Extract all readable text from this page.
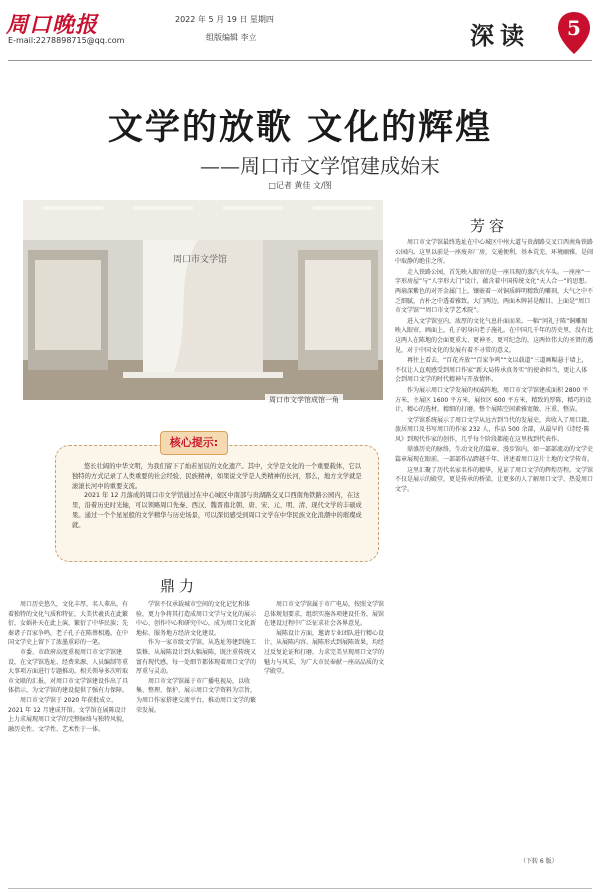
周口晚报
E-mail:2278898715@qq.com
2022 年 5 月 19 日 星期四
组版编辑 李立	深读	5
文学的放歌 文化的辉煌
——周口市文学馆建成始末
□记者 黄佳 文/图
周口市文学馆
周口市文学馆成馆一角
芳容

周口市文学馆最终选址在中心城区中州大道与贵湖路交叉口西南角铁路公园内。这里以前是一座废弃厂房，交通便利，基本荒芜，环境幽雅，是闹中取静的绝佳之所。

走入铁路公园，首先映入眼帘的是一座具现的蒸汽火车头。一座座“一字形房屋”与“人字形大门”设计，蕴含着中国传统文化“天人合一”的思想。两扇深紫色的对开金属门上，镶嵌着一对铜质鲜明精致的雕刻，大气之中不乏细腻，古朴之中透着雅致。大门两边，两面木牌甚是醒目，上面是“周口市文学馆”“周口市文学艺术院”。

进入文学馆室内，浓厚的文化气息扑面而来。一幅“问礼于陈”铜雕图映入眼帘，画面上，孔子躬身向老子施礼。在中国几千年的历史里，没有比这两人在陈地的会面更重大、更神圣、更可纪念的，这两位伟大的圣贤的遇见，对于中国文化的发展有着不寻常的意义。

再往上看去，“百花齐放”“百家争鸣”“文以载道”三道画幅悬于墙上，不仅让人直观感受到周口作家“新大局传承真务实”的使命担当，更让人体会到周口文学的时代精神与开放情怀。

作为展示周口文学发展的权威阵地，周口市文学馆建成面积 2800 平方米，主展区 1600 平方米，展位区 600 平方米，精致的厚陈，精巧的设计，精心的选材，精细的打磨，整个展陈空间素雅宽敞、庄重、整洁。

文学馆系统展示了周口文学从远古到当代的发展史，共收入了周口籍、旅居周口及书写周口的作家 232 人，作品 500 余部，从最早的《诗经·陈风》到现代作家的创作，几乎每个阶段都能在这里找到代表作。

鼎盛历史的脉络，生动文化的篇章。漫步馆内，如一部部流动的文学史篇章展现在眼前，一部部作品跨越千年，讲述着周口这片土地的文学传奇。

这里汇聚了历代名家名作的精华，见证了周口文学的辉煌历程。文学馆不仅是展示的殿堂，更是传承的桥梁，让更多的人了解周口文学、热爱周口文学。

（下转 6 版）
核心提示:

悠长壮阔的中华文明，为我们留下了灿若星辰的文化遗产。其中，文学是文化的一个重要载体，它以独特的方式记录了人类重要的社会经验、民族精神，如果说文学是人类精神的长河，那么，地方文学就是滚滚长河中的重要支流。

2021 年 12 月落成的周口市文学馆通过在中心城区中南部与贵湖路交叉口西南角铁路公园内，在这里，沿着历史时光轴，可以领略周口先秦、西汉、魏晋南北朝、唐、宋、元、明、清、现代文学的丰硕成果。通过一个个星星般的文学精华与历史场景，可以深切感受到周口文学在中华民族文化浪潮中的璀璨成就。

鼎力

周口历史悠久，文化丰厚，名人辈出，有着独特的文化气质和特征，大美伏羲氏在此繁衍，女娲补天在此上演，繁衍了中华民族；先秦诸子百家争鸣，老子孔子在陈蔡相遇，在中国文学史上留下了浓墨重彩的一笔。

市委、市政府高度重视周口市文学馆建设，在文学馆选址、经费来源、人员编制等重大事项方面进行专题推动。相关领导多次听取市文联的汇报，对周口市文学馆建设作出了具体指示，为文学馆的建设提供了强有力保障。

周口市文学馆于 2020 年获批成立，2021 年 12 月建成开馆。文学馆在展陈设计上力求展现周口文学的完整脉络与独特风貌，融历史性、文学性、艺术性于一体。

学馆不仅承载城市空间的文化记忆和体验，更力争将其打造成周口文学与文化的展示中心、创作中心和研究中心，成为周口文化新地标、服务地方经济文化建设。

作为一家市级文学馆，从选址筹建到施工装修，从展陈设计到大幅展陈，既注重传统又富有现代感，每一处细节都体现着周口文学的厚重与灵动。

周口市文学馆属于市广播电视局，以收集、整理、保护、展示周口文学资料为宗旨，为周口作家搭建交流平台，推动周口文学的繁荣发展。

周口市文学馆属于市广电局，按照文学馆总体规划要求，组织实施各项建设任务，展馆在建设过程中广泛征求社会各界意见。

展陈设计方面，邀请专业团队进行精心设计，从展陈内容、展陈形式到展陈效果，均经过反复论证和打磨，力求完美呈现周口文学的魅力与风采，为广大市民奉献一座高品质的文学殿堂。
